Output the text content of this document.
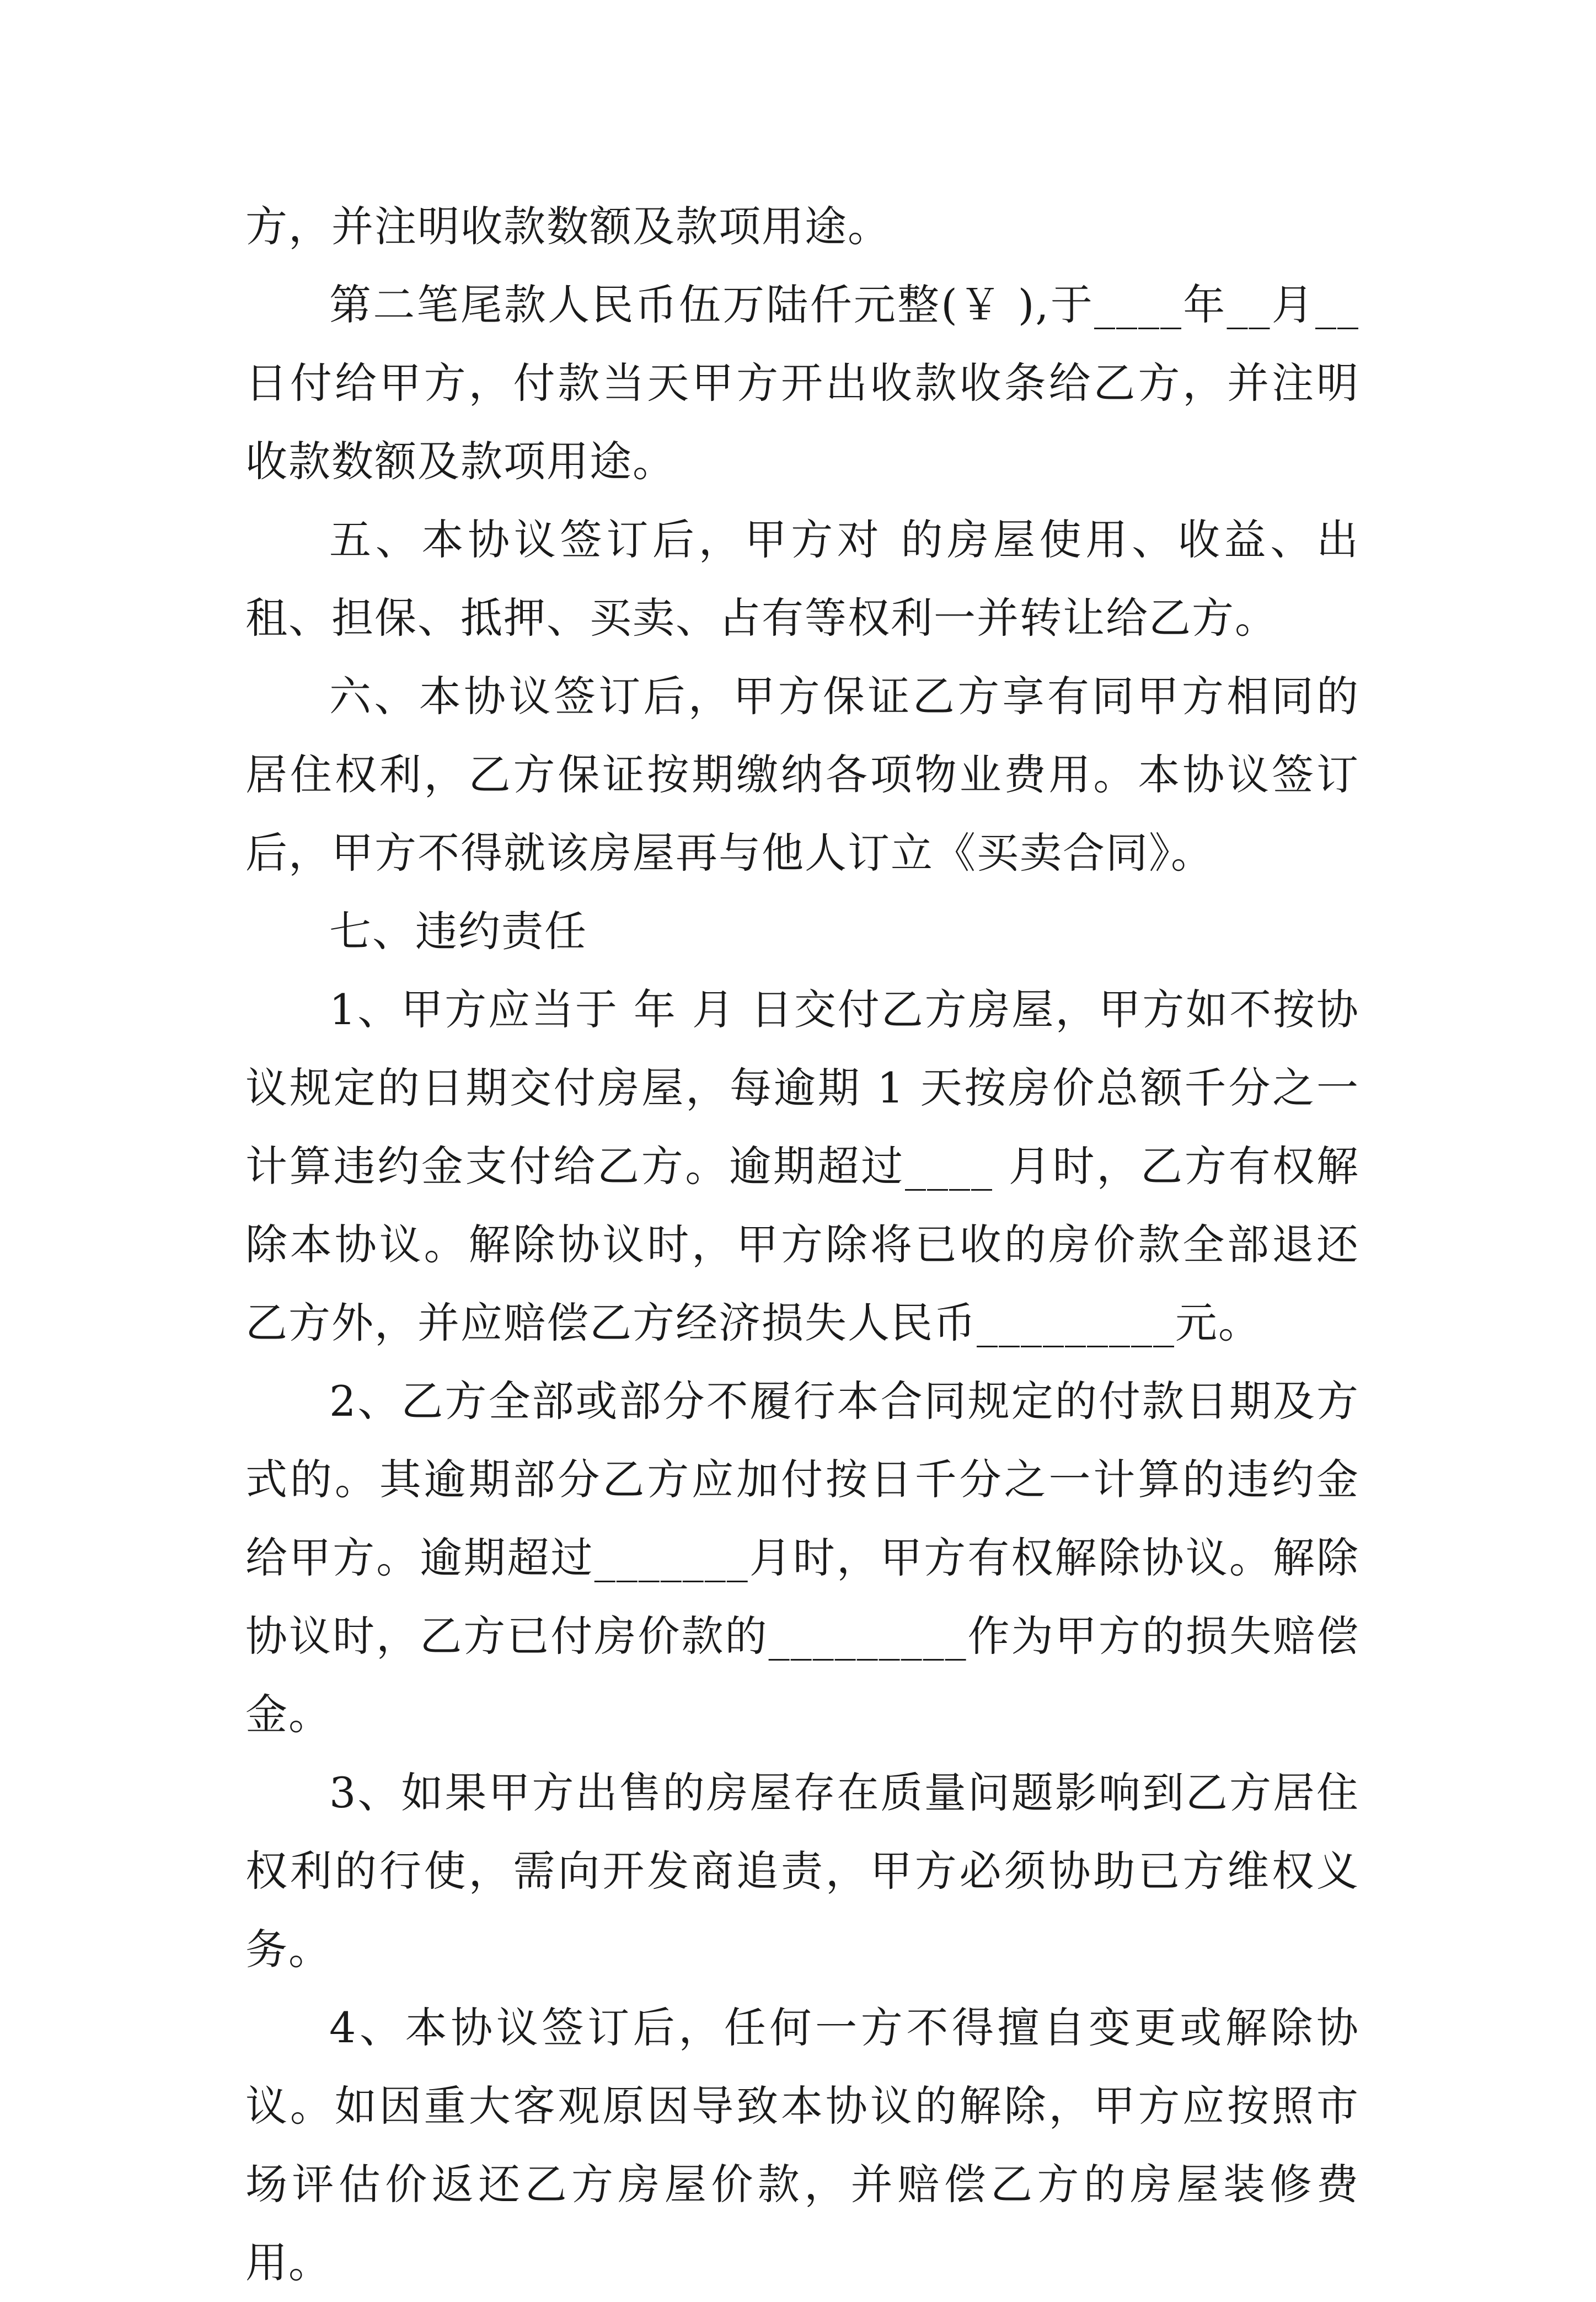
方，并注明收款数额及款项用途。

第二笔尾款人民币伍万陆仟元整(￥ ),于____年__月__日付给甲方，付款当天甲方开出收款收条给乙方，并注明收款数额及款项用途。

五、本协议签订后，甲方对 的房屋使用、收益、出租、担保、抵押、买卖、占有等权利一并转让给乙方。

六、本协议签订后，甲方保证乙方享有同甲方相同的居住权利，乙方保证按期缴纳各项物业费用。本协议签订后，甲方不得就该房屋再与他人订立《买卖合同》。

七、违约责任

1、甲方应当于 年 月 日交付乙方房屋，甲方如不按协议规定的日期交付房屋，每逾期 1 天按房价总额千分之一计算违约金支付给乙方。逾期超过____ 月时，乙方有权解除本协议。解除协议时，甲方除将已收的房价款全部退还乙方外，并应赔偿乙方经济损失人民币_________元。

2、乙方全部或部分不履行本合同规定的付款日期及方式的。其逾期部分乙方应加付按日千分之一计算的违约金给甲方。逾期超过_______月时，甲方有权解除协议。解除协议时，乙方已付房价款的_________作为甲方的损失赔偿金。

3、如果甲方出售的房屋存在质量问题影响到乙方居住权利的行使，需向开发商追责，甲方必须协助已方维权义务。

4、本协议签订后，任何一方不得擅自变更或解除协议。如因重大客观原因导致本协议的解除，甲方应按照市场评估价返还乙方房屋价款，并赔偿乙方的房屋装修费用。
